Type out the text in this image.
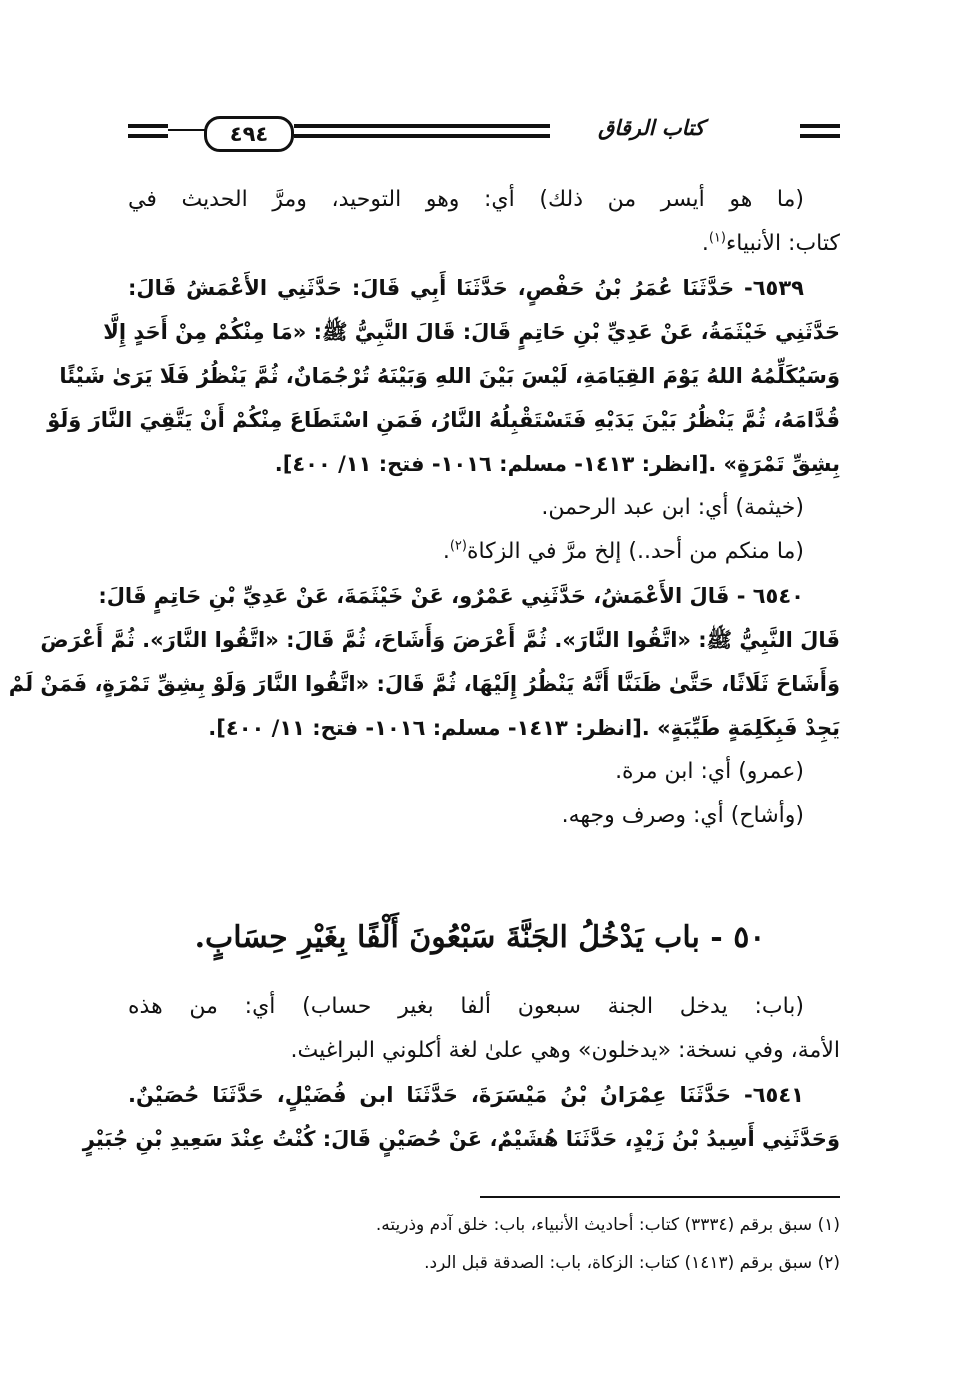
٤٩٤	كتاب الرقاق
(ما هو أيسر من ذلك) أي: وهو التوحيد، ومرَّ الحديث في
كتاب: الأنبياء$^{(١)}$.
٦٥٣٩- حَدَّثَنَا عُمَرُ بْنُ حَفْصٍ، حَدَّثَنَا أَبِي قَالَ: حَدَّثَنِي الأَعْمَشُ قَالَ:
حَدَّثَنِي خَيْثَمَةُ، عَنْ عَدِيِّ بْنِ حَاتِمٍ قَالَ: قَالَ النَّبِيُّ ﷺ: «مَا مِنْكُمْ مِنْ أَحَدٍ إِلَّا
وَسَيُكَلِّمُهُ اللهُ يَوْمَ القِيَامَةِ، لَيْسَ بَيْنَ اللهِ وَبَيْنَهُ تُرْجُمَانٌ، ثُمَّ يَنْظُرُ فَلَا يَرَىٰ شَيْئًا
قُدَّامَهُ، ثُمَّ يَنْظُرُ بَيْنَ يَدَيْهِ فَتَسْتَقْبِلُهُ النَّارُ، فَمَنِ اسْتَطَاعَ مِنْكُمْ أَنْ يَتَّقِيَ النَّارَ وَلَوْ
بِشِقِّ تَمْرَةٍ» .[انظر: ١٤١٣- مسلم: ١٠١٦- فتح: ١١/ ٤٠٠].
(خيثمة) أي: ابن عبد الرحمن.
(ما منكم من أحد..) إلخ مرَّ في الزكاة$^{(٢)}$.
٦٥٤٠ - قَالَ الأَعْمَشُ، حَدَّثَنِي عَمْرٌو، عَنْ خَيْثَمَةَ، عَنْ عَدِيِّ بْنِ حَاتِمٍ قَالَ:
قَالَ النَّبِيُّ ﷺ: «اتَّقُوا النَّارَ». ثُمَّ أَعْرَضَ وَأَشَاحَ، ثُمَّ قَالَ: «اتَّقُوا النَّارَ». ثُمَّ أَعْرَضَ
وَأَشَاحَ ثَلَاثًا، حَتَّىٰ ظَنَنَّا أَنَّهُ يَنْظُرُ إِلَيْهَا، ثُمَّ قَالَ: «اتَّقُوا النَّارَ وَلَوْ بِشِقِّ تَمْرَةٍ، فَمَنْ لَمْ
يَجِدْ فَبِكَلِمَةٍ طَيِّبَةٍ» .[انظر: ١٤١٣- مسلم: ١٠١٦- فتح: ١١/ ٤٠٠].
(عمرو) أي: ابن مرة.
(وأشاح) أي: وصرف وجهه.
٥٠ - باب يَدْخُلُ الجَنَّةَ سَبْعُونَ أَلْفًا بِغَيْرِ حِسَابٍ.
(باب: يدخل الجنة سبعون ألفا بغير حساب) أي: من هذه
الأمة، وفي نسخة: «يدخلون» وهي علىٰ لغة أكلوني البراغيث.
٦٥٤١- حَدَّثَنَا عِمْرَانُ بْنُ مَيْسَرَةَ، حَدَّثَنَا ابن فُضَيْلٍ، حَدَّثَنَا حُصَيْنٌ.
وَحَدَّثَنِي أَسِيدُ بْنُ زَيْدٍ، حَدَّثَنَا هُشَيْمٌ، عَنْ حُصَيْنٍ قَالَ: كُنْتُ عِنْدَ سَعِيدِ بْنِ جُبَيْرٍ
(١) سبق برقم (٣٣٣٤) كتاب: أحاديث الأنبياء، باب: خلق آدم وذريته.
(٢) سبق برقم (١٤١٣) كتاب: الزكاة، باب: الصدقة قبل الرد.
